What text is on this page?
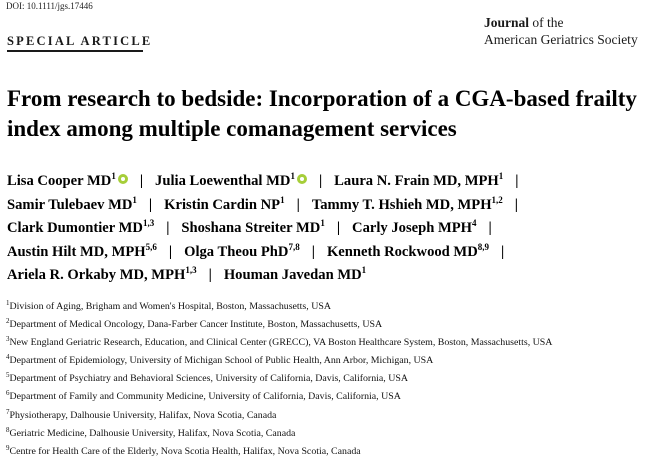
DOI: 10.1111/jgs.17446
SPECIAL ARTICLE
Journal of the
American Geriatrics Society
From research to bedside: Incorporation of a CGA-based frailty index among multiple comanagement services
Lisa Cooper $MD^1$ | Julia Loewenthal $MD^1$ | Laura N. Frain MD, MPH$^1$ |
Samir Tulebaev $MD^1$ | Kristin Cardin $NP^1$ | Tammy T. Hshieh MD, MPH$^{1,2}$ |
Clark Dumontier MD$^{1,3}$ | Shoshana Streiter $MD^1$ | Carly Joseph MPH$^4$ |
Austin Hilt MD, MPH$^{5,6}$ | Olga Theou PhD$^{7,8}$ | Kenneth Rockwood MD$^{8,9}$ |
Ariela R. Orkaby MD, MPH$^{1,3}$ | Houman Javedan $MD^1$
$^1$Division of Aging, Brigham and Women's Hospital, Boston, Massachusetts, USA
$^2$Department of Medical Oncology, Dana-Farber Cancer Institute, Boston, Massachusetts, USA
$^3$New England Geriatric Research, Education, and Clinical Center (GRECC), VA Boston Healthcare System, Boston, Massachusetts, USA
$^4$Department of Epidemiology, University of Michigan School of Public Health, Ann Arbor, Michigan, USA
$^5$Department of Psychiatry and Behavioral Sciences, University of California, Davis, California, USA
$^6$Department of Family and Community Medicine, University of California, Davis, California, USA
$^7$Physiotherapy, Dalhousie University, Halifax, Nova Scotia, Canada
$^8$Geriatric Medicine, Dalhousie University, Halifax, Nova Scotia, Canada
$^9$Centre for Health Care of the Elderly, Nova Scotia Health, Halifax, Nova Scotia, Canada
